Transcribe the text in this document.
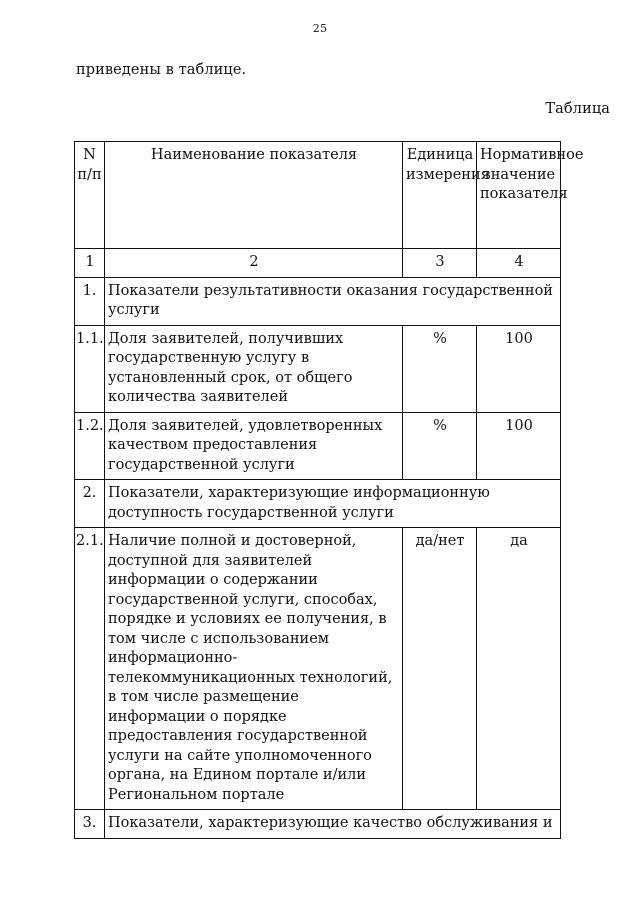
25
приведены в таблице.
Таблица
N п/п	Наименование показателя	Единица измерения	Нормативное значение показателя
1	2	3	4
1.	Показатели результативности оказания государственной услуги		
1.1.	Доля заявителей, получивших государственную услугу в установленный срок, от общего количества заявителей	%	100
1.2.	Доля заявителей, удовлетворенных качеством предоставления государственной услуги	%	100
2.	Показатели, характеризующие информационную доступность государственной услуги		
2.1.	Наличие полной и достоверной, доступной для заявителей информации о содержании государственной услуги, способах, порядке и условиях ее получения, в том числе с использованием информационно-телекоммуникационных технологий, в том числе размещение информации о порядке предоставления государственной услуги на сайте уполномоченного органа, на Едином портале и/или Региональном портале	да/нет	да
3.	Показатели, характеризующие качество обслуживания и		
